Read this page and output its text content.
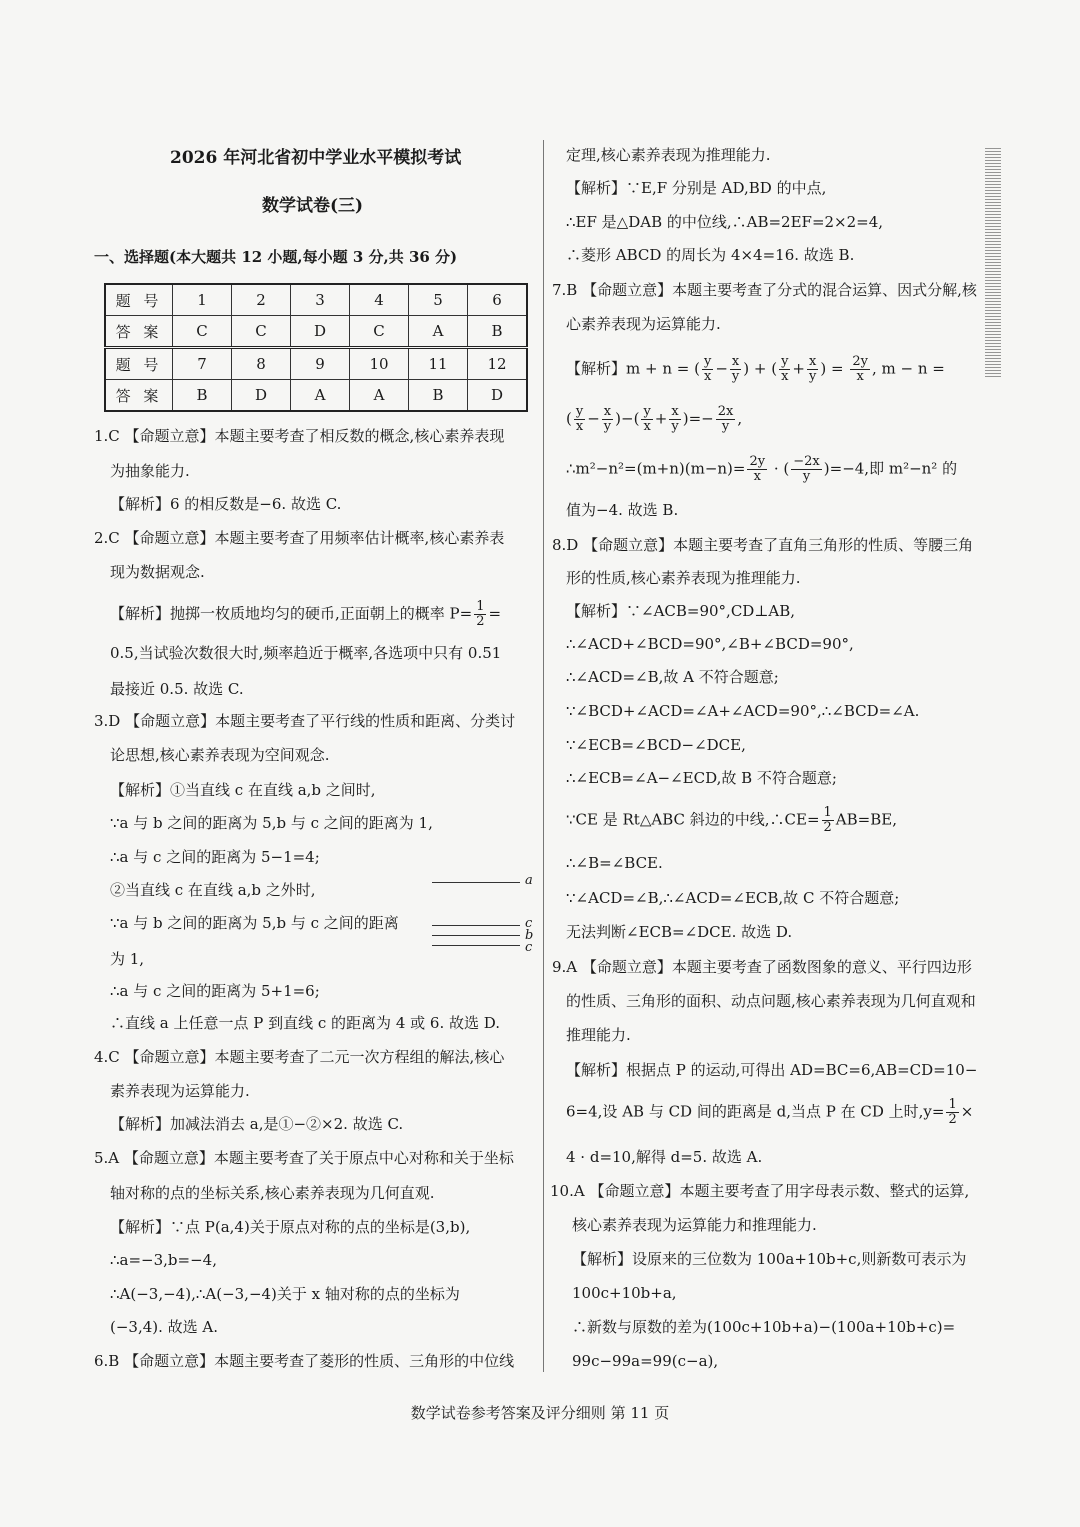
2026 年河北省初中学业水平模拟考试
数学试卷(三)
一、选择题(本大题共 12 小题,每小题 3 分,共 36 分)
题 号	1	2	3	4	5	6
答 案	C	C	D	C	A	B
题 号	7	8	9	10	11	12
答 案	B	D	A	A	B	D
1.C 【命题立意】本题主要考查了相反数的概念,核心素养表现
为抽象能力.
【解析】6 的相反数是−6. 故选 C.
2.C 【命题立意】本题主要考查了用频率估计概率,核心素养表
现为数据观念.
【解析】抛掷一枚质地均匀的硬币,正面朝上的概率 $P= \frac{1}{2}$ =
0.5,当试验次数很大时,频率趋近于概率,各选项中只有 0.51
最接近 0.5. 故选 C.
3.D 【命题立意】本题主要考查了平行线的性质和距离、分类讨
论思想,核心素养表现为空间观念.
【解析】①当直线 c 在直线 a,b 之间时,
∵a 与 b 之间的距离为 5,b 与 c 之间的距离为 1,
∴a 与 c 之间的距离为 5−1=4;
②当直线 c 在直线 a,b 之外时,
∵a 与 b 之间的距离为 5,b 与 c 之间的距离
为 1,
∴a 与 c 之间的距离为 5+1=6;
∴直线 a 上任意一点 P 到直线 c 的距离为 4 或 6. 故选 D.
4.C 【命题立意】本题主要考查了二元一次方程组的解法,核心
素养表现为运算能力.
【解析】加减法消去 a,是①−②×2. 故选 C.
5.A 【命题立意】本题主要考查了关于原点中心对称和关于坐标
轴对称的点的坐标关系,核心素养表现为几何直观.
【解析】∵点 P(a,4)关于原点对称的点的坐标是(3,b),
∴a=−3,b=−4,
∴A(−3,−4),∴A(−3,−4)关于 x 轴对称的点的坐标为
(−3,4). 故选 A.
6.B 【命题立意】本题主要考查了菱形的性质、三角形的中位线
a
c
b
c
定理,核心素养表现为推理能力.
【解析】∵E,F 分别是 AD,BD 的中点,
∴EF 是△DAB 的中位线,∴AB=2EF=2×2=4,
∴菱形 ABCD 的周长为 4×4=16. 故选 B.
7.B 【命题立意】本题主要考查了分式的混合运算、因式分解,核
心素养表现为运算能力.
【解析】m + n = ( $\frac{y}{x} - \frac{x}{y}$ ) + ( $\frac{y}{x} + \frac{x}{y}$ ) = $\frac{2y}{x}$ , m − n =
( $\frac{y}{x} - \frac{x}{y}$ )−( $\frac{y}{x} + \frac{x}{y}$ )=− $\frac{2x}{y}$ ,
∴m²−n²=(m+n)(m−n)= $\frac{2y}{x}$ · ( $\frac{-2x}{y} )=-4$,即 m²−n² 的
值为−4. 故选 B.
8.D 【命题立意】本题主要考查了直角三角形的性质、等腰三角
形的性质,核心素养表现为推理能力.
【解析】∵∠ACB=90°,CD⊥AB,
∴∠ACD+∠BCD=90°,∠B+∠BCD=90°,
∴∠ACD=∠B,故 A 不符合题意;
∵∠BCD+∠ACD=∠A+∠ACD=90°,∴∠BCD=∠A.
∵∠ECB=∠BCD−∠DCE,
∴∠ECB=∠A−∠ECD,故 B 不符合题意;
∵CE 是 Rt△ABC 斜边的中线,∴CE= $\frac{1}{2} AB=BE$,
∴∠B=∠BCE.
∵∠ACD=∠B,∴∠ACD=∠ECB,故 C 不符合题意;
无法判断∠ECB=∠DCE. 故选 D.
9.A 【命题立意】本题主要考查了函数图象的意义、平行四边形
的性质、三角形的面积、动点问题,核心素养表现为几何直观和
推理能力.
【解析】根据点 P 的运动,可得出 AD=BC=6,AB=CD=10−
6=4,设 AB 与 CD 间的距离是 d,当点 P 在 CD 上时$,y= \frac{1}{2}$ ×
4 · d=10,解得 d=5. 故选 A.
10.A 【命题立意】本题主要考查了用字母表示数、整式的运算,
核心素养表现为运算能力和推理能力.
【解析】设原来的三位数为 100a+10b+c,则新数可表示为
100c+10b+a,
∴新数与原数的差为(100c+10b+a)−(100a+10b+c)=
99c−99a=99(c−a),
数学试卷参考答案及评分细则 第 11 页
